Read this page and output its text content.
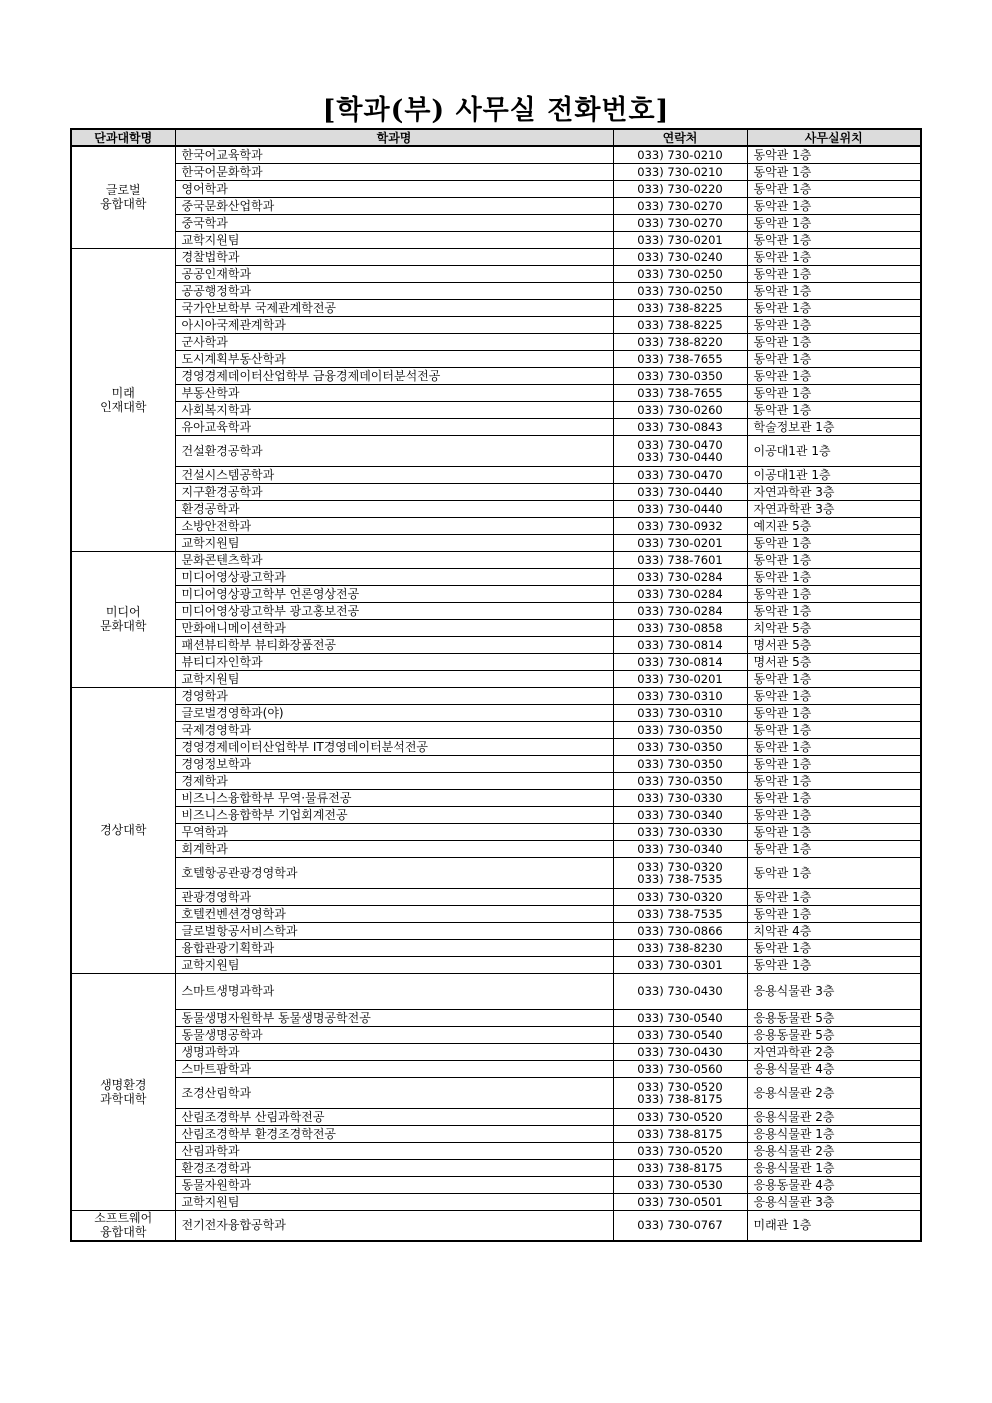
[학과(부) 사무실 전화번호]
단과대학명	학과명	연락처	사무실위치

글로벌
융합대학	한국어교육학과	033) 730-0210	동악관 1층
	한국어문화학과	033) 730-0210	동악관 1층
	영어학과	033) 730-0220	동악관 1층
	중국문화산업학과	033) 730-0270	동악관 1층
	중국학과	033) 730-0270	동악관 1층
	교학지원팀	033) 730-0201	동악관 1층

미래
인재대학	경찰법학과	033) 730-0240	동악관 1층
	공공인재학과	033) 730-0250	동악관 1층
	공공행정학과	033) 730-0250	동악관 1층
	국가안보학부 국제관계학전공	033) 738-8225	동악관 1층
	아시아국제관계학과	033) 738-8225	동악관 1층
	군사학과	033) 738-8220	동악관 1층
	도시계획부동산학과	033) 738-7655	동악관 1층
	경영경제데이터산업학부 금융경제데이터분석전공	033) 730-0350	동악관 1층
	부동산학과	033) 738-7655	동악관 1층
	사회복지학과	033) 730-0260	동악관 1층
	유아교육학과	033) 730-0843	학술정보관 1층
	건설환경공학과	033) 730-0470
033) 730-0440	이공대1관 1층
	건설시스템공학과	033) 730-0470	이공대1관 1층
	지구환경공학과	033) 730-0440	자연과학관 3층
	환경공학과	033) 730-0440	자연과학관 3층
	소방안전학과	033) 730-0932	예지관 5층
	교학지원팀	033) 730-0201	동악관 1층

미디어
문화대학	문화콘텐츠학과	033) 738-7601	동악관 1층
	미디어영상광고학과	033) 730-0284	동악관 1층
	미디어영상광고학부 언론영상전공	033) 730-0284	동악관 1층
	미디어영상광고학부 광고홍보전공	033) 730-0284	동악관 1층
	만화애니메이션학과	033) 730-0858	치악관 5층
	패션뷰티학부 뷰티화장품전공	033) 730-0814	명서관 5층
	뷰티디자인학과	033) 730-0814	명서관 5층
	교학지원팀	033) 730-0201	동악관 1층

경상대학	경영학과	033) 730-0310	동악관 1층
	글로벌경영학과(야)	033) 730-0310	동악관 1층
	국제경영학과	033) 730-0350	동악관 1층
	경영경제데이터산업학부 IT경영데이터분석전공	033) 730-0350	동악관 1층
	경영정보학과	033) 730-0350	동악관 1층
	경제학과	033) 730-0350	동악관 1층
	비즈니스융합학부 무역·물류전공	033) 730-0330	동악관 1층
	비즈니스융합학부 기업회계전공	033) 730-0340	동악관 1층
	무역학과	033) 730-0330	동악관 1층
	회계학과	033) 730-0340	동악관 1층
	호텔항공관광경영학과	033) 730-0320
033) 738-7535	동악관 1층
	관광경영학과	033) 730-0320	동악관 1층
	호텔컨벤션경영학과	033) 738-7535	동악관 1층
	글로벌항공서비스학과	033) 730-0866	치악관 4층
	융합관광기획학과	033) 738-8230	동악관 1층
	교학지원팀	033) 730-0301	동악관 1층

생명환경
과학대학	스마트생명과학과	033) 730-0430	응용식물관 3층
	동물생명자원학부 동물생명공학전공	033) 730-0540	응용동물관 5층
	동물생명공학과	033) 730-0540	응용동물관 5층
	생명과학과	033) 730-0430	자연과학관 2층
	스마트팜학과	033) 730-0560	응용식물관 4층
	조경산림학과	033) 730-0520
033) 738-8175	응용식물관 2층
	산림조경학부 산림과학전공	033) 730-0520	응용식물관 2층
	산림조경학부 환경조경학전공	033) 738-8175	응용식물관 1층
	산림과학과	033) 730-0520	응용식물관 2층
	환경조경학과	033) 738-8175	응용식물관 1층
	동물자원학과	033) 730-0530	응용동물관 4층
	교학지원팀	033) 730-0501	응용식물관 3층

소프트웨어
융합대학	전기전자융합공학과	033) 730-0767	미래관 1층
